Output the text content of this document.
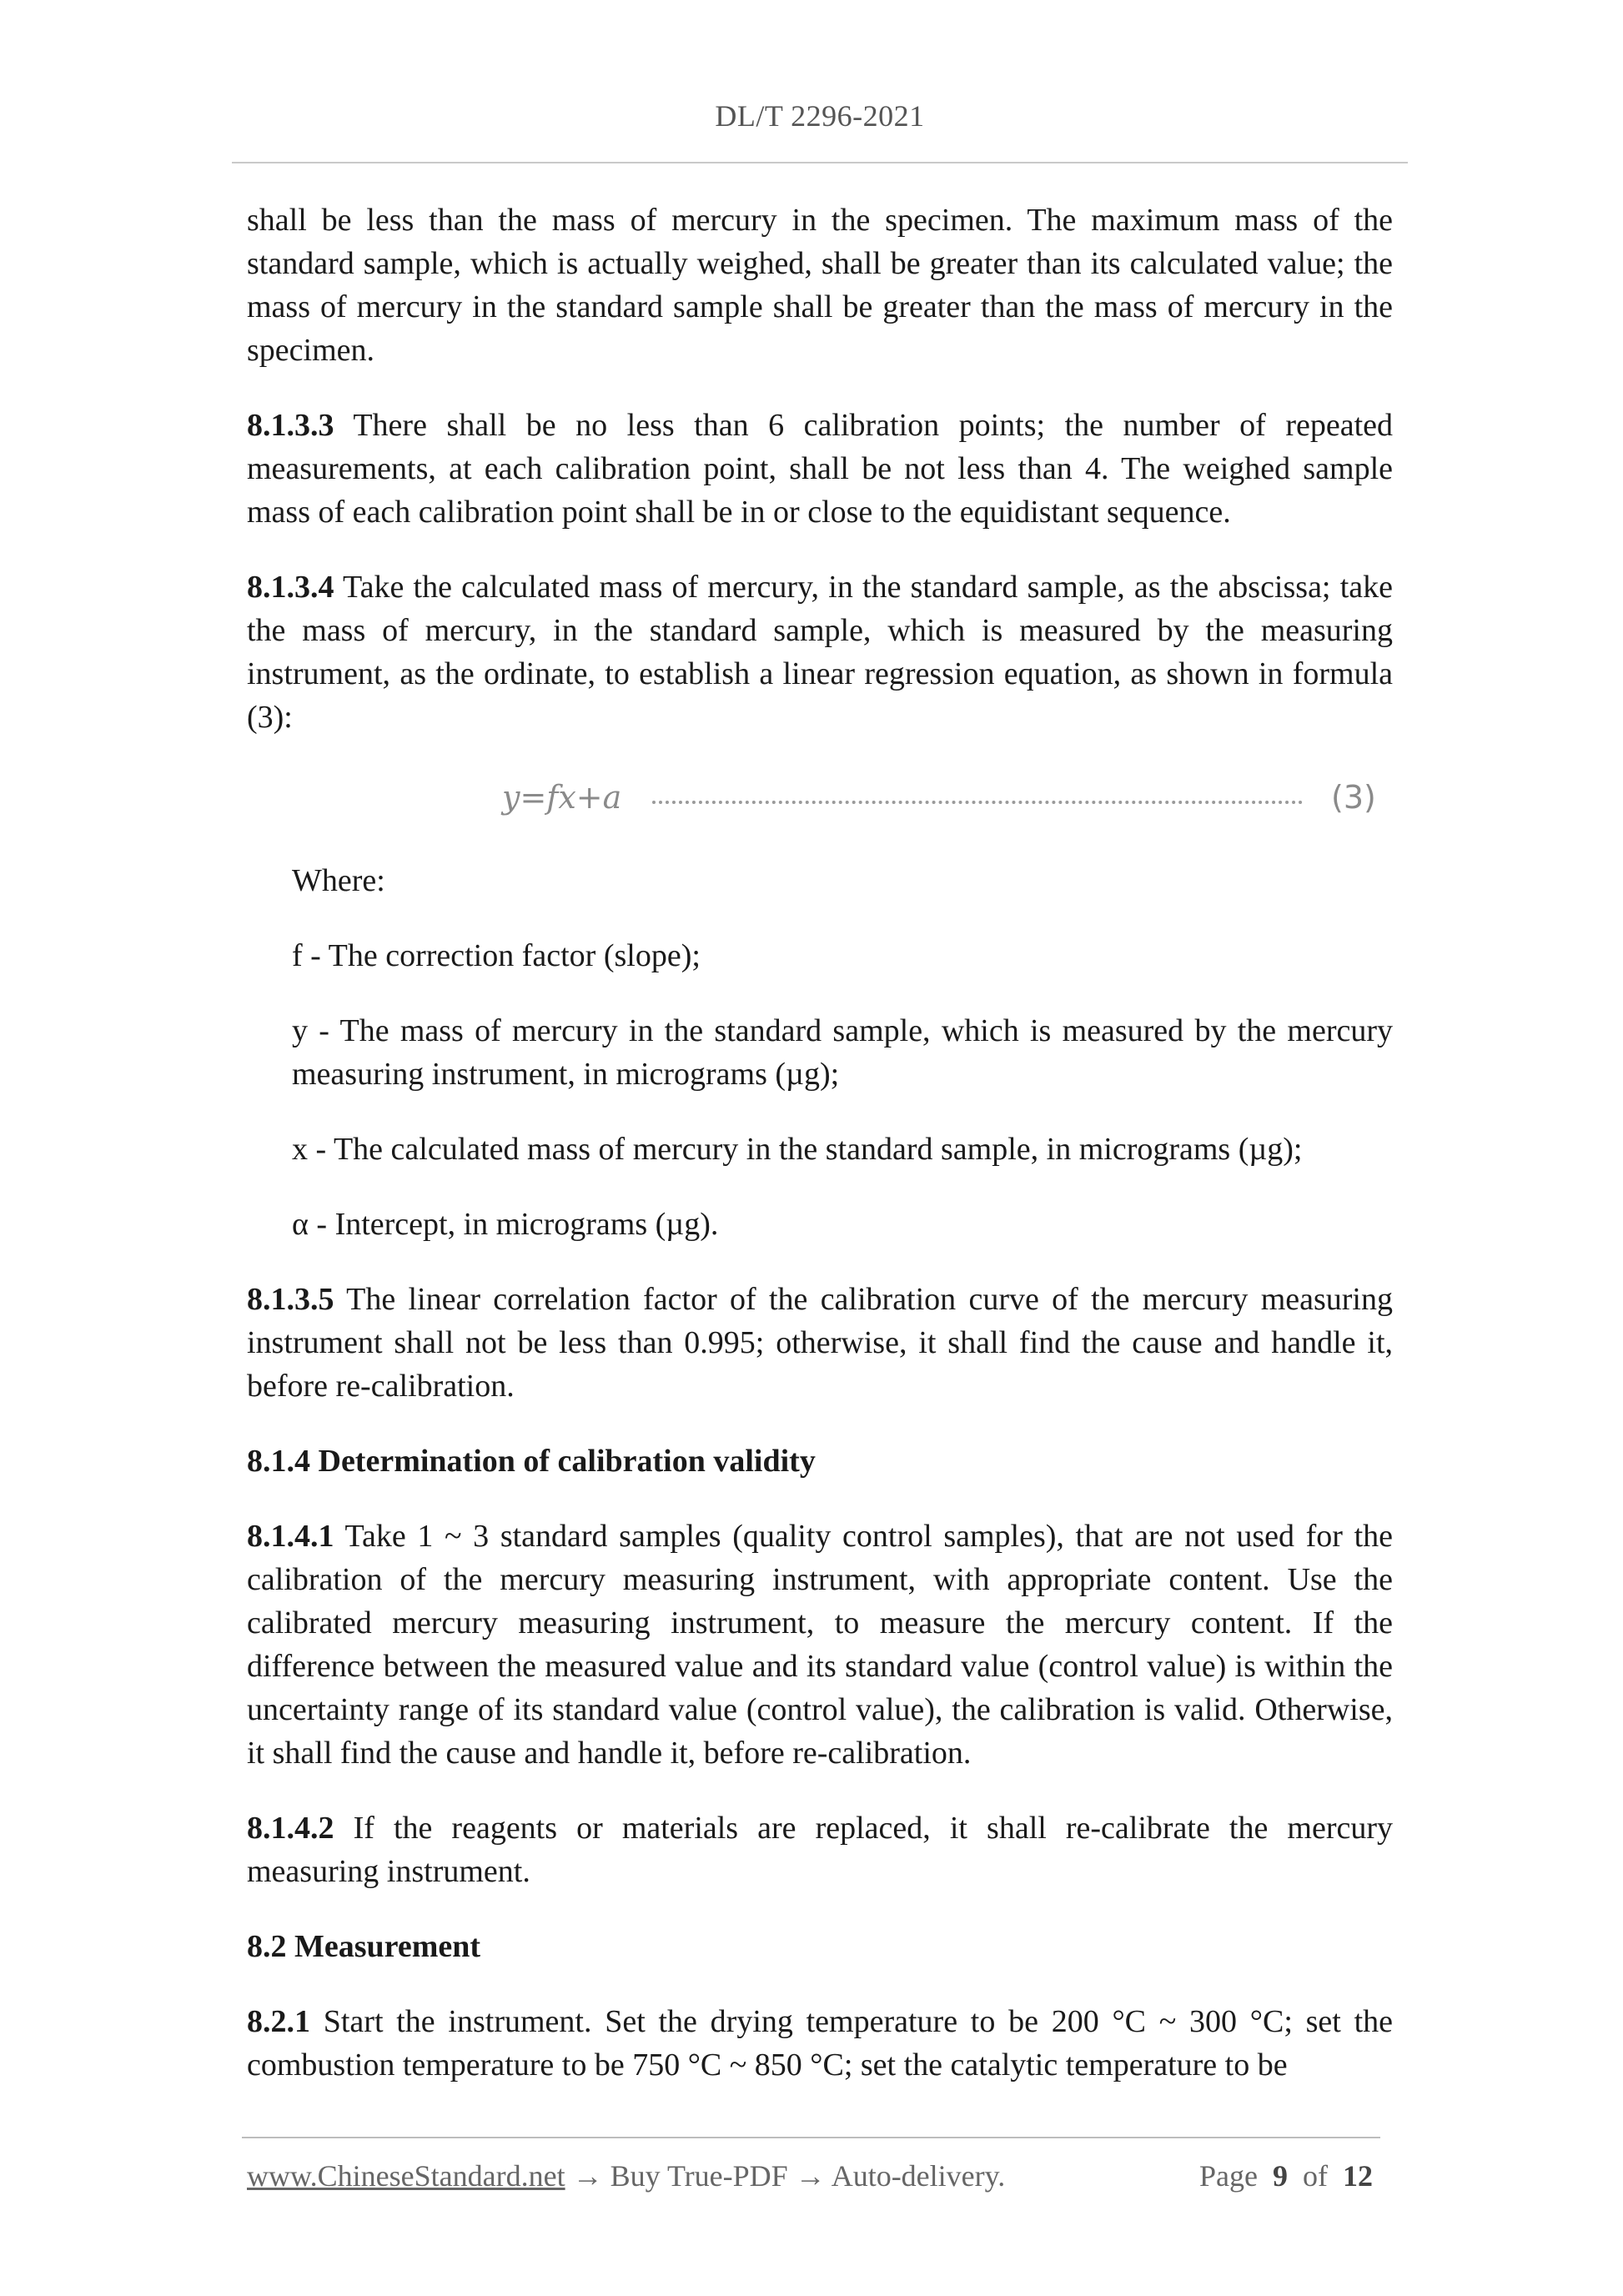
DL/T 2296-2021

shall be less than the mass of mercury in the specimen. The maximum mass of the standard sample, which is actually weighed, shall be greater than its calculated value; the mass of mercury in the standard sample shall be greater than the mass of mercury in the specimen.

8.1.3.3 There shall be no less than 6 calibration points; the number of repeated measurements, at each calibration point, shall be not less than 4. The weighed sample mass of each calibration point shall be in or close to the equidistant sequence.

8.1.3.4 Take the calculated mass of mercury, in the standard sample, as the abscissa; take the mass of mercury, in the standard sample, which is measured by the measuring instrument, as the ordinate, to establish a linear regression equation, as shown in formula (3):

y=fx+a	(3)

Where:

f - The correction factor (slope);

y - The mass of mercury in the standard sample, which is measured by the mercury measuring instrument, in micrograms (µg);

x - The calculated mass of mercury in the standard sample, in micrograms (µg);

α - Intercept, in micrograms (µg).

8.1.3.5 The linear correlation factor of the calibration curve of the mercury measuring instrument shall not be less than 0.995; otherwise, it shall find the cause and handle it, before re-calibration.

8.1.4 Determination of calibration validity

8.1.4.1 Take 1 ~ 3 standard samples (quality control samples), that are not used for the calibration of the mercury measuring instrument, with appropriate content. Use the calibrated mercury measuring instrument, to measure the mercury content. If the difference between the measured value and its standard value (control value) is within the uncertainty range of its standard value (control value), the calibration is valid. Otherwise, it shall find the cause and handle it, before re-calibration.

8.1.4.2 If the reagents or materials are replaced, it shall re-calibrate the mercury measuring instrument.

8.2 Measurement

8.2.1 Start the instrument. Set the drying temperature to be 200 °C ~ 300 °C; set the combustion temperature to be 750 °C ~ 850 °C; set the catalytic temperature to be

www.ChineseStandard.net → Buy True-PDF → Auto-delivery.	Page 9 of 12
